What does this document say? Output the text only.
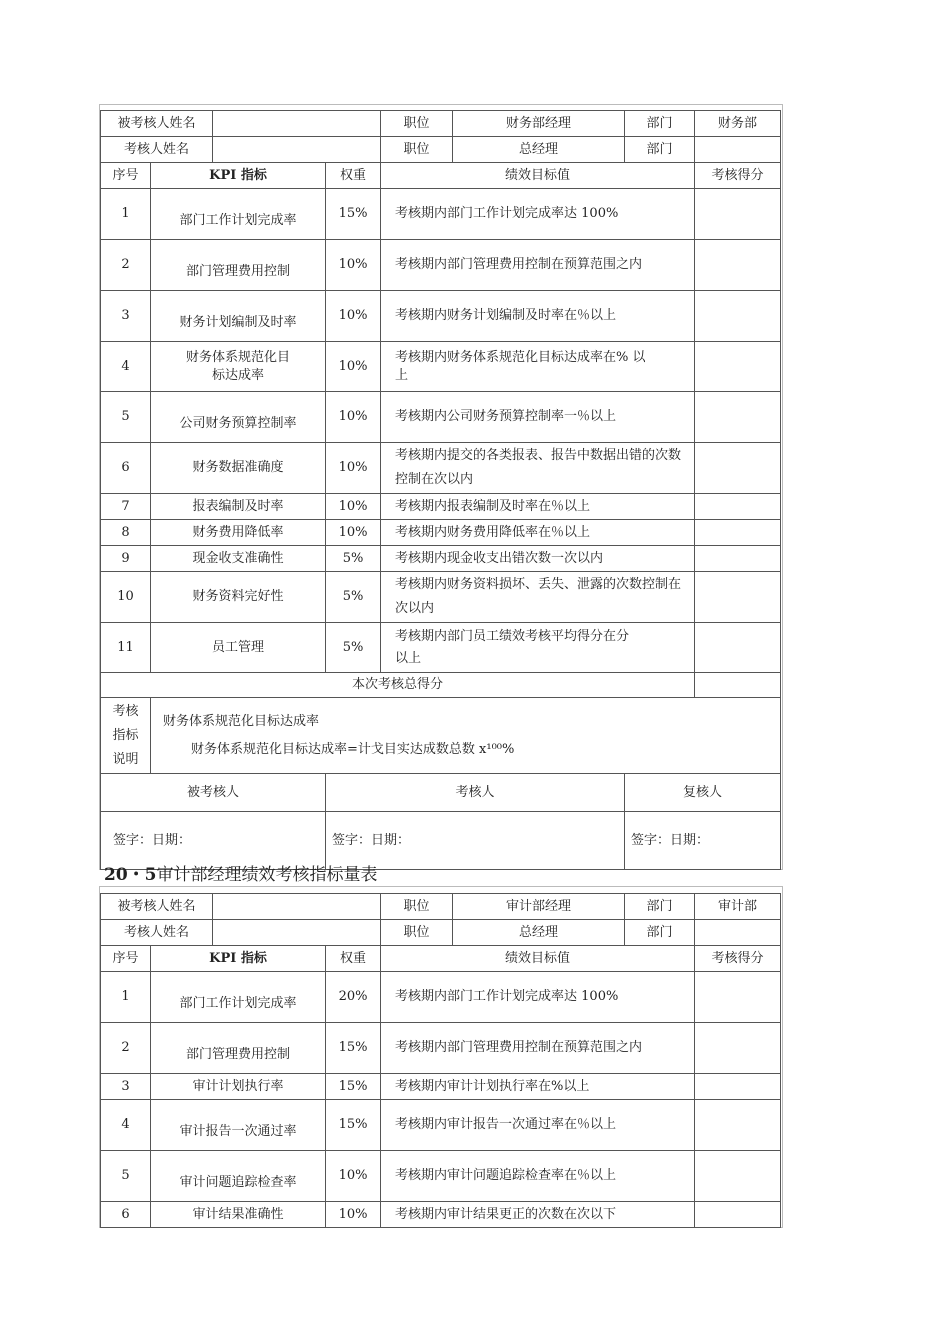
被考核人姓名				职位	财务部经理	部门	财务部
考核人姓名				职位	总经理	部门	
序号	KPI 指标		权重	绩效目标值			考核得分
1	部门工作计划完成率		15%	考核期内部门工作计划完成率达 100%			
2	部门管理费用控制		10%	考核期内部门管理费用控制在预算范围之内			
3	财务计划编制及时率		10%	考核期内财务计划编制及时率在％以上			
4	财务体系规范化目标达成率		10%	考核期内财务体系规范化目标达成率在% 以上			
5	公司财务预算控制率		10%	考核期内公司财务预算控制率一％以上			
6	财务数据准确度		10%	考核期内提交的各类报表、报告中数据出错的次数控制在次以内			
7	报表编制及时率		10%	考核期内报表编制及时率在％以上			
8	财务费用降低率		10%	考核期内财务费用降低率在％以上			
9	现金收支准确性		5%	考核期内现金收支出错次数一次以内			
10	财务资料完好性		5%	考核期内财务资料损坏、丢失、泄露的次数控制在次以内			
11	员工管理		5%	考核期内部门员工绩效考核平均得分在分 以上			
本次考核总得分							
考核指标说明	财务体系规范化目标达成率
财务体系规范化目标达成率=计戈目实达成数总数 x¹⁰⁰%						

被考核人			考核人			复核人	
签字：日期：			签字：日期：			签字：日期：	
20・5审计部经理绩效考核指标量表
被考核人姓名				职位	审计部经理	部门	审计部
考核人姓名				职位	总经理	部门	
序号	KPI 指标		权重	绩效目标值			考核得分
1	部门工作计划完成率		20%	考核期内部门工作计划完成率达 100%			
2	部门管理费用控制		15%	考核期内部门管理费用控制在预算范围之内			
3	审计计划执行率		15%	考核期内审计计划执行率在%以上			
4	审计报告一次通过率		15%	考核期内审计报告一次通过率在％以上			
5	审计问题追踪检查率		10%	考核期内审计问题追踪检查率在％以上			
6	审计结果准确性		10%	考核期内审计结果更正的次数在次以下			
